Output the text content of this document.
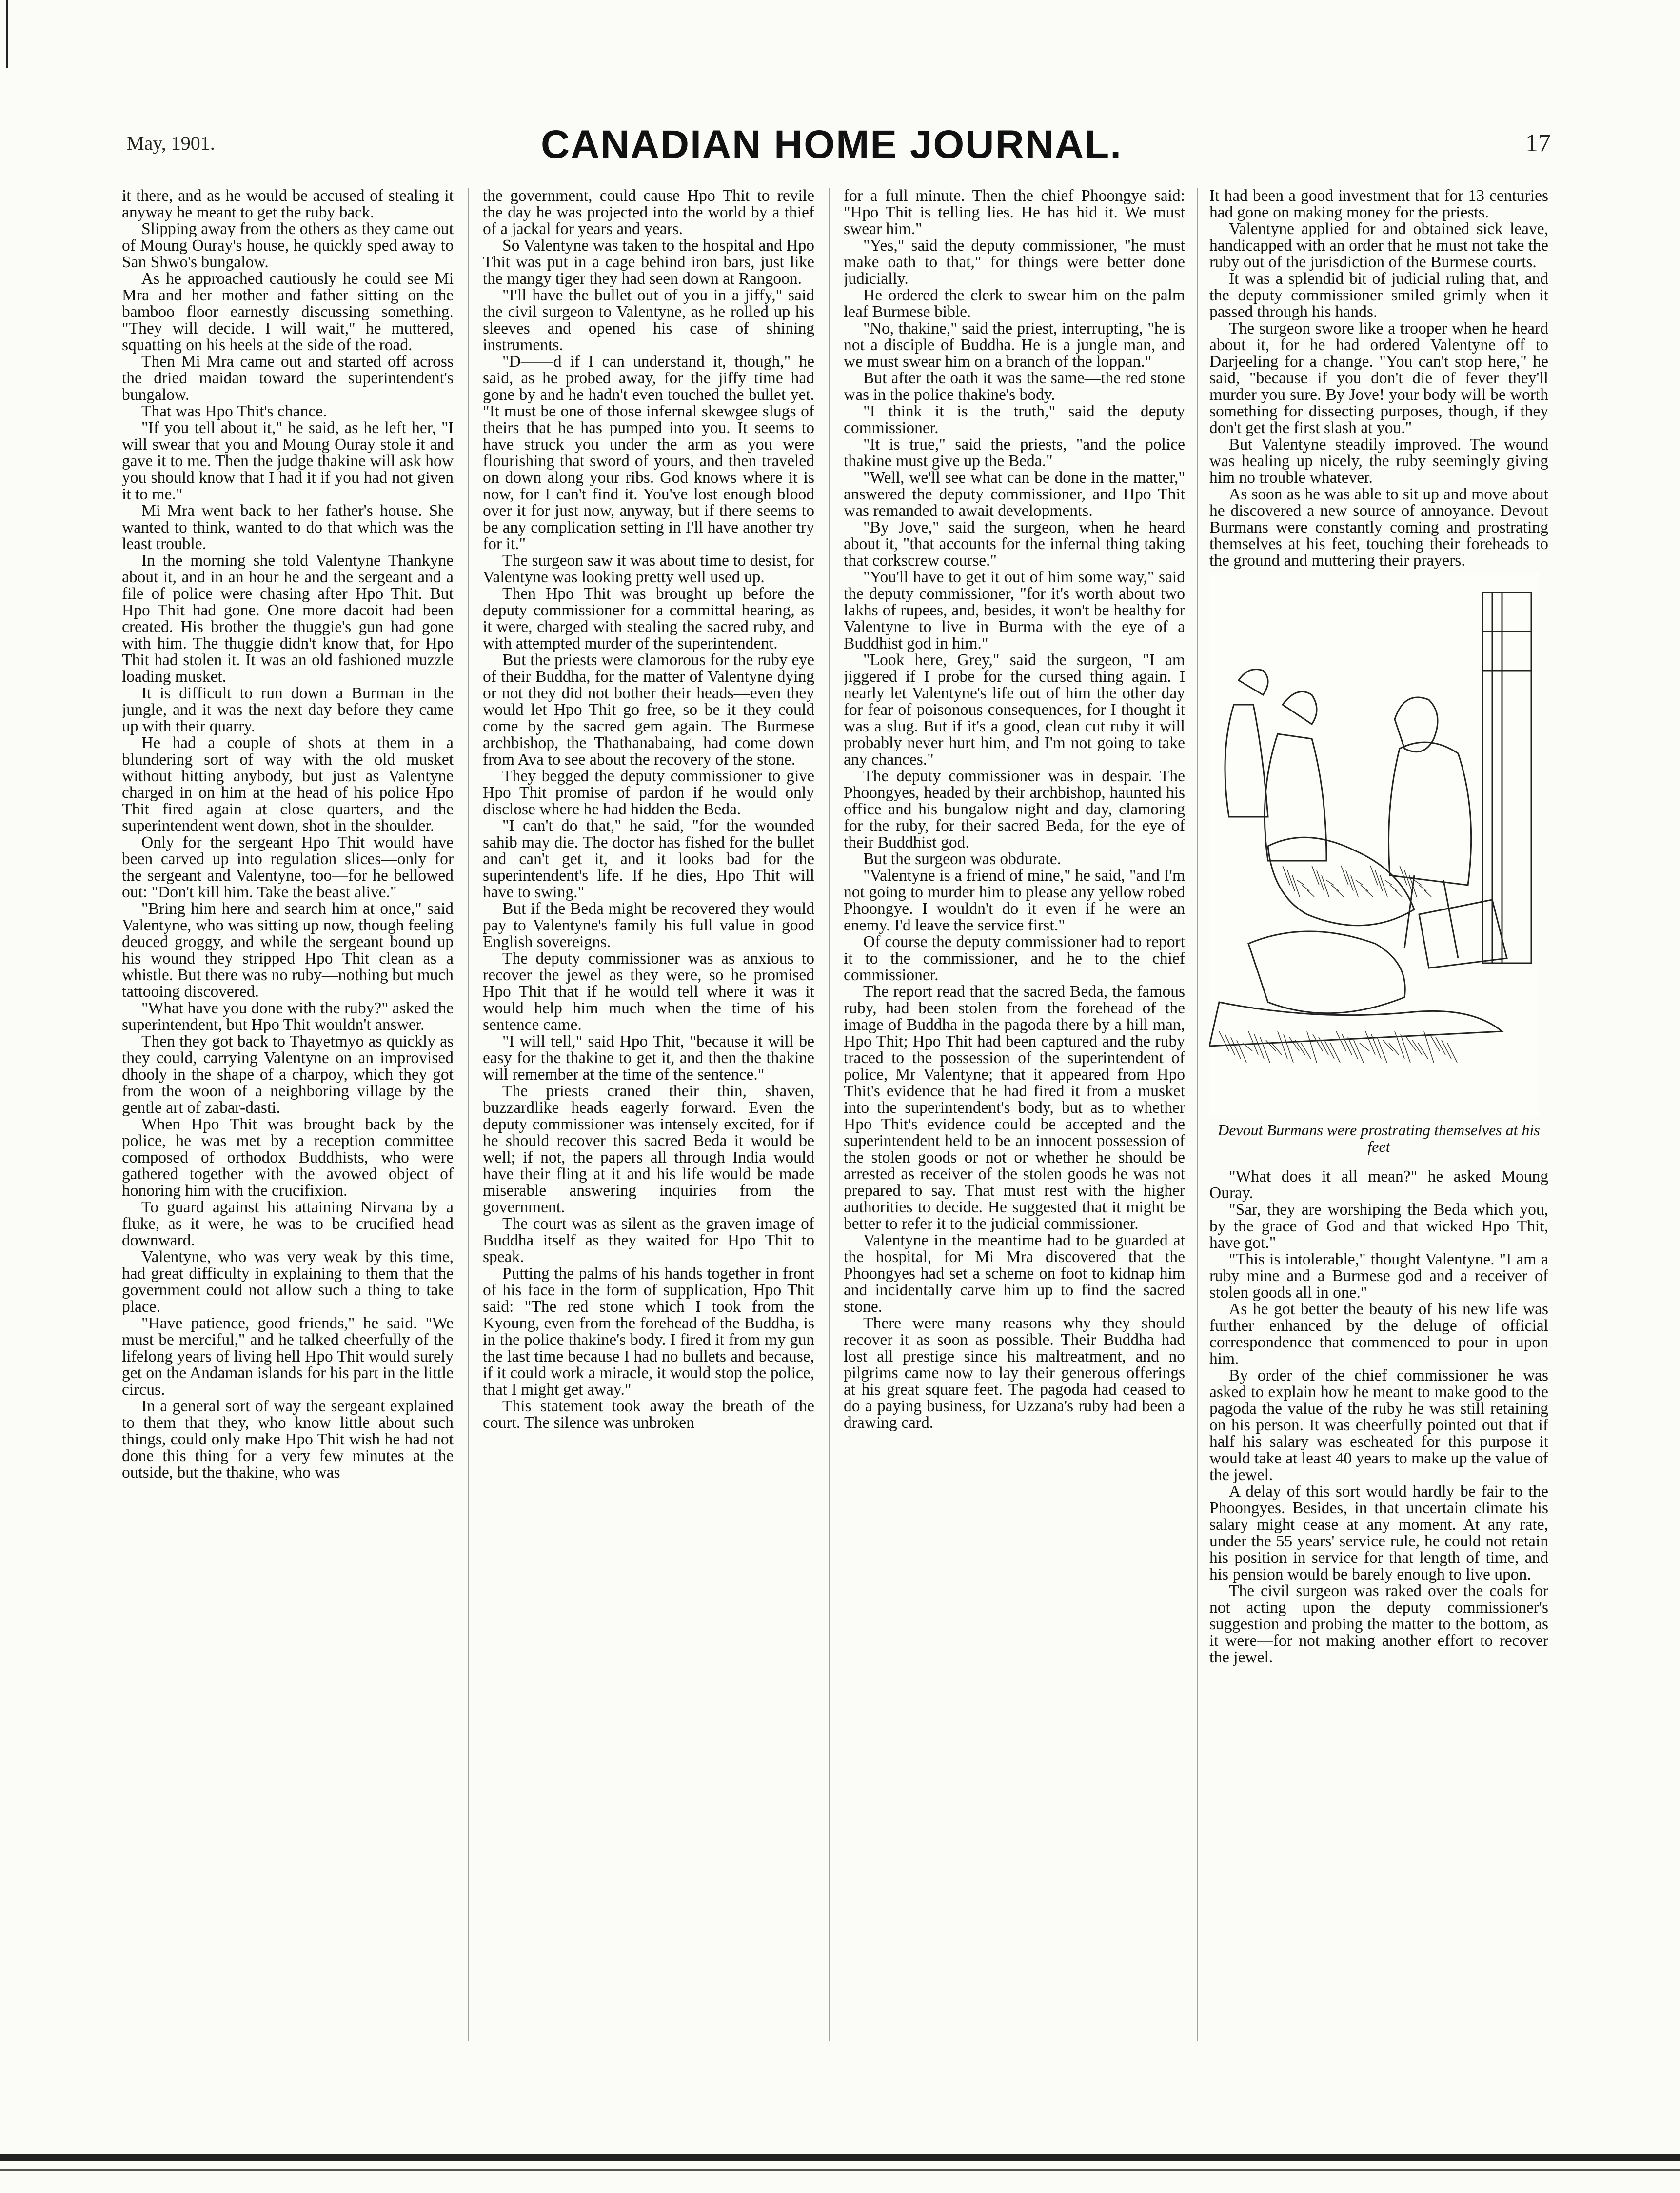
May, 1901.	CANADIAN HOME JOURNAL.	17

it there, and as he would be accused of stealing it anyway he meant to get the ruby back.

Slipping away from the others as they came out of Moung Ouray's house, he quickly sped away to San Shwo's bungalow.

As he approached cautiously he could see Mi Mra and her mother and father sitting on the bamboo floor earnestly discussing something. "They will decide. I will wait," he muttered, squatting on his heels at the side of the road.

Then Mi Mra came out and started off across the dried maidan toward the superintendent's bungalow.

That was Hpo Thit's chance.

"If you tell about it," he said, as he left her, "I will swear that you and Moung Ouray stole it and gave it to me. Then the judge thakine will ask how you should know that I had it if you had not given it to me."

Mi Mra went back to her father's house. She wanted to think, wanted to do that which was the least trouble.

In the morning she told Valentyne Thankyne about it, and in an hour he and the sergeant and a file of police were chasing after Hpo Thit. But Hpo Thit had gone. One more dacoit had been created. His brother the thuggie's gun had gone with him. The thuggie didn't know that, for Hpo Thit had stolen it. It was an old fashioned muzzle loading musket.

It is difficult to run down a Burman in the jungle, and it was the next day before they came up with their quarry.

He had a couple of shots at them in a blundering sort of way with the old musket without hitting anybody, but just as Valentyne charged in on him at the head of his police Hpo Thit fired again at close quarters, and the superintendent went down, shot in the shoulder.

Only for the sergeant Hpo Thit would have been carved up into regulation slices—only for the sergeant and Valentyne, too—for he bellowed out: "Don't kill him. Take the beast alive."

"Bring him here and search him at once," said Valentyne, who was sitting up now, though feeling deuced groggy, and while the sergeant bound up his wound they stripped Hpo Thit clean as a whistle. But there was no ruby—nothing but much tattooing discovered.

"What have you done with the ruby?" asked the superintendent, but Hpo Thit wouldn't answer.

Then they got back to Thayetmyo as quickly as they could, carrying Valentyne on an improvised dhooly in the shape of a charpoy, which they got from the woon of a neighboring village by the gentle art of zabar-dasti.

When Hpo Thit was brought back by the police, he was met by a reception committee composed of orthodox Buddhists, who were gathered together with the avowed object of honoring him with the crucifixion.

To guard against his attaining Nirvana by a fluke, as it were, he was to be crucified head downward.

Valentyne, who was very weak by this time, had great difficulty in explaining to them that the government could not allow such a thing to take place.

"Have patience, good friends," he said. "We must be merciful," and he talked cheerfully of the lifelong years of living hell Hpo Thit would surely get on the Andaman islands for his part in the little circus.

In a general sort of way the sergeant explained to them that they, who know little about such things, could only make Hpo Thit wish he had not done this thing for a very few minutes at the outside, but the thakine, who was

the government, could cause Hpo Thit to revile the day he was projected into the world by a thief of a jackal for years and years.

So Valentyne was taken to the hospital and Hpo Thit was put in a cage behind iron bars, just like the mangy tiger they had seen down at Rangoon.

"I'll have the bullet out of you in a jiffy," said the civil surgeon to Valentyne, as he rolled up his sleeves and opened his case of shining instruments.

"D——d if I can understand it, though," he said, as he probed away, for the jiffy time had gone by and he hadn't even touched the bullet yet. "It must be one of those infernal skewgee slugs of theirs that he has pumped into you. It seems to have struck you under the arm as you were flourishing that sword of yours, and then traveled on down along your ribs. God knows where it is now, for I can't find it. You've lost enough blood over it for just now, anyway, but if there seems to be any complication setting in I'll have another try for it."

The surgeon saw it was about time to desist, for Valentyne was looking pretty well used up.

Then Hpo Thit was brought up before the deputy commissioner for a committal hearing, as it were, charged with stealing the sacred ruby, and with attempted murder of the superintendent.

But the priests were clamorous for the ruby eye of their Buddha, for the matter of Valentyne dying or not they did not bother their heads—even they would let Hpo Thit go free, so be it they could come by the sacred gem again. The Burmese archbishop, the Thathanabaing, had come down from Ava to see about the recovery of the stone.

They begged the deputy commissioner to give Hpo Thit promise of pardon if he would only disclose where he had hidden the Beda.

"I can't do that," he said, "for the wounded sahib may die. The doctor has fished for the bullet and can't get it, and it looks bad for the superintendent's life. If he dies, Hpo Thit will have to swing."

But if the Beda might be recovered they would pay to Valentyne's family his full value in good English sovereigns.

The deputy commissioner was as anxious to recover the jewel as they were, so he promised Hpo Thit that if he would tell where it was it would help him much when the time of his sentence came.

"I will tell," said Hpo Thit, "because it will be easy for the thakine to get it, and then the thakine will remember at the time of the sentence."

The priests craned their thin, shaven, buzzardlike heads eagerly forward. Even the deputy commissioner was intensely excited, for if he should recover this sacred Beda it would be well; if not, the papers all through India would have their fling at it and his life would be made miserable answering inquiries from the government.

The court was as silent as the graven image of Buddha itself as they waited for Hpo Thit to speak.

Putting the palms of his hands together in front of his face in the form of supplication, Hpo Thit said: "The red stone which I took from the Kyoung, even from the forehead of the Buddha, is in the police thakine's body. I fired it from my gun the last time because I had no bullets and because, if it could work a miracle, it would stop the police, that I might get away."

This statement took away the breath of the court. The silence was unbroken

for a full minute. Then the chief Phoongye said: "Hpo Thit is telling lies. He has hid it. We must swear him."

"Yes," said the deputy commissioner, "he must make oath to that," for things were better done judicially.

He ordered the clerk to swear him on the palm leaf Burmese bible.

"No, thakine," said the priest, interrupting, "he is not a disciple of Buddha. He is a jungle man, and we must swear him on a branch of the loppan."

But after the oath it was the same—the red stone was in the police thakine's body.

"I think it is the truth," said the deputy commissioner.

"It is true," said the priests, "and the police thakine must give up the Beda."

"Well, we'll see what can be done in the matter," answered the deputy commissioner, and Hpo Thit was remanded to await developments.

"By Jove," said the surgeon, when he heard about it, "that accounts for the infernal thing taking that corkscrew course."

"You'll have to get it out of him some way," said the deputy commissioner, "for it's worth about two lakhs of rupees, and, besides, it won't be healthy for Valentyne to live in Burma with the eye of a Buddhist god in him."

"Look here, Grey," said the surgeon, "I am jiggered if I probe for the cursed thing again. I nearly let Valentyne's life out of him the other day for fear of poisonous consequences, for I thought it was a slug. But if it's a good, clean cut ruby it will probably never hurt him, and I'm not going to take any chances."

The deputy commissioner was in despair. The Phoongyes, headed by their archbishop, haunted his office and his bungalow night and day, clamoring for the ruby, for their sacred Beda, for the eye of their Buddhist god.

But the surgeon was obdurate.

"Valentyne is a friend of mine," he said, "and I'm not going to murder him to please any yellow robed Phoongye. I wouldn't do it even if he were an enemy. I'd leave the service first."

Of course the deputy commissioner had to report it to the commissioner, and he to the chief commissioner.

The report read that the sacred Beda, the famous ruby, had been stolen from the forehead of the image of Buddha in the pagoda there by a hill man, Hpo Thit; Hpo Thit had been captured and the ruby traced to the possession of the superintendent of police, Mr Valentyne; that it appeared from Hpo Thit's evidence that he had fired it from a musket into the superintendent's body, but as to whether Hpo Thit's evidence could be accepted and the superintendent held to be an innocent possession of the stolen goods or not or whether he should be arrested as receiver of the stolen goods he was not prepared to say. That must rest with the higher authorities to decide. He suggested that it might be better to refer it to the judicial commissioner.

Valentyne in the meantime had to be guarded at the hospital, for Mi Mra discovered that the Phoongyes had set a scheme on foot to kidnap him and incidentally carve him up to find the sacred stone.

There were many reasons why they should recover it as soon as possible. Their Buddha had lost all prestige since his maltreatment, and no pilgrims came now to lay their generous offerings at his great square feet. The pagoda had ceased to do a paying business, for Uzzana's ruby had been a drawing card.

It had been a good investment that for 13 centuries had gone on making money for the priests.

Valentyne applied for and obtained sick leave, handicapped with an order that he must not take the ruby out of the jurisdiction of the Burmese courts.

It was a splendid bit of judicial ruling that, and the deputy commissioner smiled grimly when it passed through his hands.

The surgeon swore like a trooper when he heard about it, for he had ordered Valentyne off to Darjeeling for a change. "You can't stop here," he said, "because if you don't die of fever they'll murder you sure. By Jove! your body will be worth something for dissecting purposes, though, if they don't get the first slash at you."

But Valentyne steadily improved. The wound was healing up nicely, the ruby seemingly giving him no trouble whatever.

As soon as he was able to sit up and move about he discovered a new source of annoyance. Devout Burmans were constantly coming and prostrating themselves at his feet, touching their foreheads to the ground and muttering their prayers.

Devout Burmans were prostrating themselves at his feet

"What does it all mean?" he asked Moung Ouray.

"Sar, they are worshiping the Beda which you, by the grace of God and that wicked Hpo Thit, have got."

"This is intolerable," thought Valentyne. "I am a ruby mine and a Burmese god and a receiver of stolen goods all in one."

As he got better the beauty of his new life was further enhanced by the deluge of official correspondence that commenced to pour in upon him.

By order of the chief commissioner he was asked to explain how he meant to make good to the pagoda the value of the ruby he was still retaining on his person. It was cheerfully pointed out that if half his salary was escheated for this purpose it would take at least 40 years to make up the value of the jewel.

A delay of this sort would hardly be fair to the Phoongyes. Besides, in that uncertain climate his salary might cease at any moment. At any rate, under the 55 years' service rule, he could not retain his position in service for that length of time, and his pension would be barely enough to live upon.

The civil surgeon was raked over the coals for not acting upon the deputy commissioner's suggestion and probing the matter to the bottom, as it were—for not making another effort to recover the jewel.
